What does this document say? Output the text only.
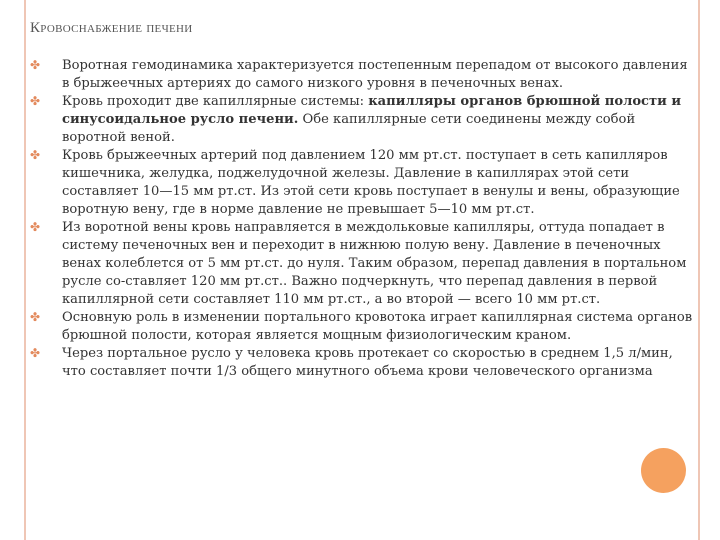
Кровоснабжение печени
✤	Воротная гемодинамика характеризуется постепенным перепадом от высокого давления в брыжеечных артериях до самого низкого уровня в печеночных венах.
✤	Кровь проходит две капиллярные системы: капилляры органов брюшной полости и синусоидальное русло печени. Обе капиллярные сети соединены между собой воротной веной.
✤	Кровь брыжеечных артерий под давлением 120 мм рт.ст. поступает в сеть капилляров кишечника, желудка, поджелудочной железы. Давление в капиллярах этой сети составляет 10—15 мм рт.ст. Из этой сети кровь поступает в венулы и вены, образующие воротную вену, где в норме давление не превышает 5—10 мм рт.ст.
✤	Из воротной вены кровь направляется в междольковые капилляры, оттуда попадает в систему печеночных вен и переходит в нижнюю полую вену. Давление в печеночных венах колеблется от 5 мм рт.ст. до нуля. Таким образом, перепад давления в портальном русле со-ставляет 120 мм рт.ст.. Важно подчеркнуть, что перепад давления в первой капиллярной сети составляет 110 мм рт.ст., а во второй — всего 10 мм рт.ст.
✤	Основную роль в изменении портального кровотока играет капиллярная система органов брюшной полости, которая является мощным физиологическим краном.
✤	Через портальное русло у человека кровь протекает со скоростью в среднем 1,5 л/мин, что составляет почти 1/3 общего минутного объема крови человеческого организма
